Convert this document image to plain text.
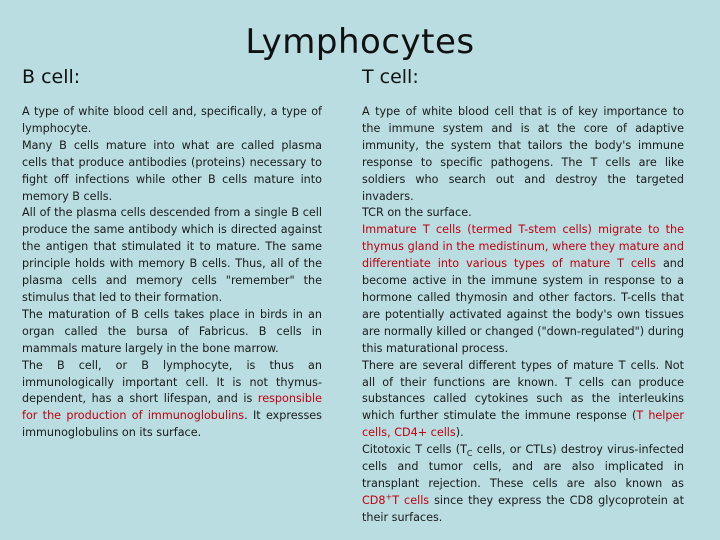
Lymphocytes
B cell:

A type of white blood cell and, specifically, a type of lymphocyte.

Many B cells mature into what are called plasma cells that produce antibodies (proteins) necessary to fight off infections while other B cells mature into memory B cells.

All of the plasma cells descended from a single B cell produce the same antibody which is directed against the antigen that stimulated it to mature. The same principle holds with memory B cells. Thus, all of the plasma cells and memory cells "remember" the stimulus that led to their formation.

The maturation of B cells takes place in birds in an organ called the bursa of Fabricus. B cells in mammals mature largely in the bone marrow.

The B cell, or B lymphocyte, is thus an immunologically important cell. It is not thymus-dependent, has a short lifespan, and is responsible for the production of immunoglobulins. It expresses immunoglobulins on its surface.

T cell:

A type of white blood cell that is of key importance to the immune system and is at the core of adaptive immunity, the system that tailors the body's immune response to specific pathogens. The T cells are like soldiers who search out and destroy the targeted invaders.

TCR on the surface.

Immature T cells (termed T-stem cells) migrate to the thymus gland in the medistinum, where they mature and differentiate into various types of mature T cells and become active in the immune system in response to a hormone called thymosin and other factors. T-cells that are potentially activated against the body's own tissues are normally killed or changed ("down-regulated") during this maturational process.

There are several different types of mature T cells. Not all of their functions are known. T cells can produce substances called cytokines such as the interleukins which further stimulate the immune response (T helper cells, CD4+ cells).

Citotoxic T cells ($T_C$ cells, or CTLs) destroy virus-infected cells and tumor cells, and are also implicated in transplant rejection. These cells are also known as CD8+T cells since they express the CD8 glycoprotein at their surfaces.
